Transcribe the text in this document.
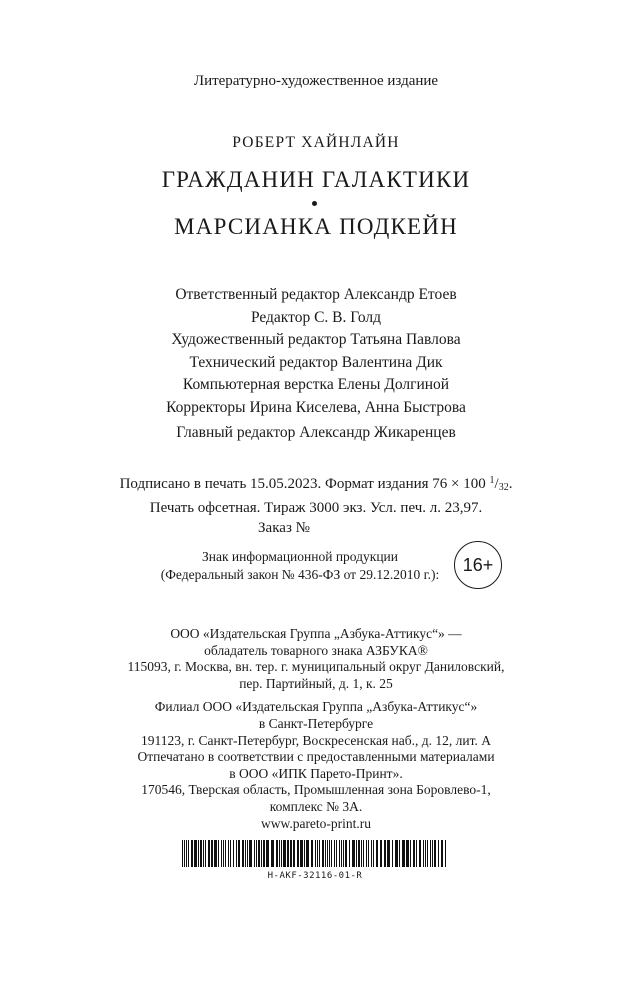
Литературно-художественное издание
РОБЕРТ ХАЙНЛАЙН
ГРАЖДАНИН ГАЛАКТИКИ
МАРСИАНКА ПОДКЕЙН
Ответственный редактор Александр Етоев
Редактор С. В. Голд
Художественный редактор Татьяна Павлова
Технический редактор Валентина Дик
Компьютерная верстка Елены Долгиной
Корректоры Ирина Киселева, Анна Быстрова
Главный редактор Александр Жикаренцев
Подписано в печать 15.05.2023. Формат издания 76 × 100 $^1/_{32}$.
Печать офсетная. Тираж 3000 экз. Усл. печ. л. 23,97.
Заказ №
Знак информационной продукции
(Федеральный закон № 436-ФЗ от 29.12.2010 г.):	16+
ООО «Издательская Группа „Азбука-Аттикус“» —
обладатель товарного знака АЗБУКА®
115093, г. Москва, вн. тер. г. муниципальный округ Даниловский,
пер. Партийный, д. 1, к. 25
Филиал ООО «Издательская Группа „Азбука-Аттикус“»
в Санкт-Петербурге
191123, г. Санкт-Петербург, Воскресенская наб., д. 12, лит. А
Отпечатано в соответствии с предоставленными материалами
в ООО «ИПК Парето-Принт».
170546, Тверская область, Промышленная зона Боровлево-1,
комплекс № 3А.
www.pareto-print.ru
H-AKF-32116-01-R
